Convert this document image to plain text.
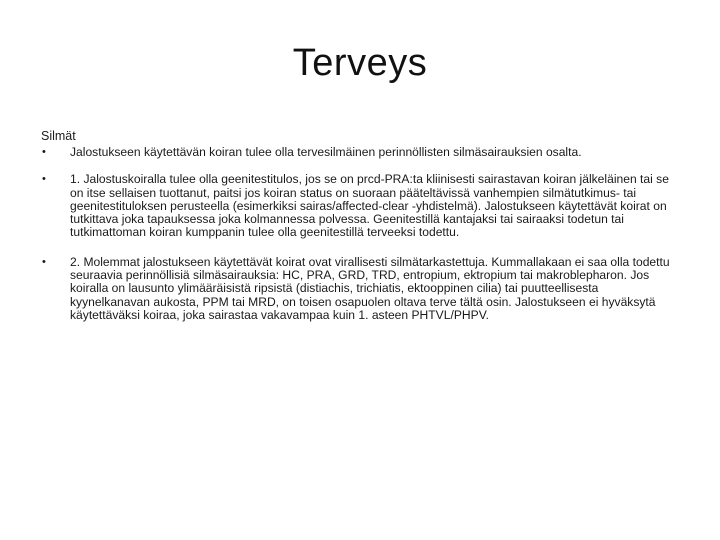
Terveys
Silmät
•	Jalostukseen käytettävän koiran tulee olla tervesilmäinen perinnöllisten silmäsairauksien osalta.
•	1. Jalostuskoiralla tulee olla geenitestitulos, jos se on prcd-PRA:ta kliinisesti sairastavan koiran jälkeläinen tai se on itse sellaisen tuottanut, paitsi jos koiran status on suoraan pääteltävissä vanhempien silmätutkimus- tai geenitestituloksen perusteella (esimerkiksi sairas/affected-clear -yhdistelmä). Jalostukseen käytettävät koirat on tutkittava joka tapauksessa joka kolmannessa polvessa. Geenitestillä kantajaksi tai sairaaksi todetun tai tutkimattoman koiran kumppanin tulee olla geenitestillä terveeksi todettu.
•	2. Molemmat jalostukseen käytettävät koirat ovat virallisesti silmätarkastettuja. Kummallakaan ei saa olla todettu seuraavia perinnöllisiä silmäsairauksia: HC, PRA, GRD, TRD, entropium, ektropium tai makroblepharon. Jos koiralla on lausunto ylimääräisistä ripsistä (distiachis, trichiatis, ektooppinen cilia) tai puutteellisesta kyynelkanavan aukosta, PPM tai MRD, on toisen osapuolen oltava terve tältä osin. Jalostukseen ei hyväksytä käytettäväksi koiraa, joka sairastaa vakavampaa kuin 1. asteen PHTVL/PHPV.
